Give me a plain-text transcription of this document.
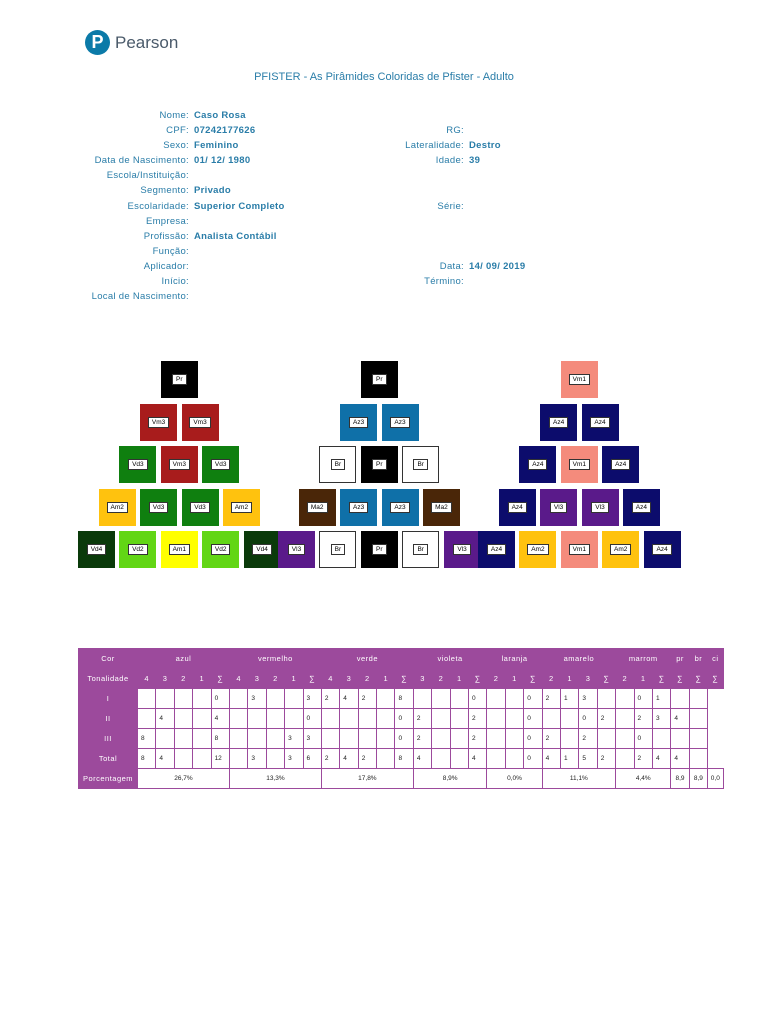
P Pearson
PFISTER - As Pirâmides Coloridas de Pfister - Adulto
Nome: Caso Rosa
CPF: 07242177626	RG:
Sexo: Feminino	Lateralidade: Destro
Data de Nascimento: 01/ 12/ 1980	Idade: 39
Escola/Instituição:
Segmento: Privado
Escolaridade: Superior Completo	Série:
Empresa:
Profissão: Analista Contábil
Função:
Aplicador:	Data: 14/ 09/ 2019
Início:	Término:
Local de Nascimento:
Pr
Vm3	Vm3
Vd3	Vm3	Vd3
Am2	Vd3	Vd3	Am2
Vd4	Vd2	Am1	Vd2	Vd4
Pr
Az3	Az3
Br	Pr	Br
Ma2	Az3	Az3	Ma2
Vl3	Br	Pr	Br	Vl3
Vm1
Az4	Az4
Az4	Vm1	Az4
Az4	Vl3	Vl3	Az4
Az4	Am2	Vm1	Am2	Az4
Cor	azul					vermelho					verde					violeta				laranja			amarelo				marrom			pr	br	ci
Tonalidade	4	3	2	1	∑	4	3	2	1	∑	4	3	2	1	∑	3	2	1	∑	2	1	∑	2	1	3	∑	2	1	∑	∑	∑	∑
I					0		3			3	2	4	2		8				0			0	2	1	3			0	1			
II		4			4					0					0	2			2			0			0	2		2	3	4		
III	8				8				3	3					0	2			2			0	2		2			0				
Total	8	4			12		3		3	6	2	4	2		8	4			4			0	4	1	5	2		2	4	4		
Porcentagem	26,7%					13,3%					17,8%					8,9%				0,0%			11,1%				4,4%			8,9	8,9	0,0
